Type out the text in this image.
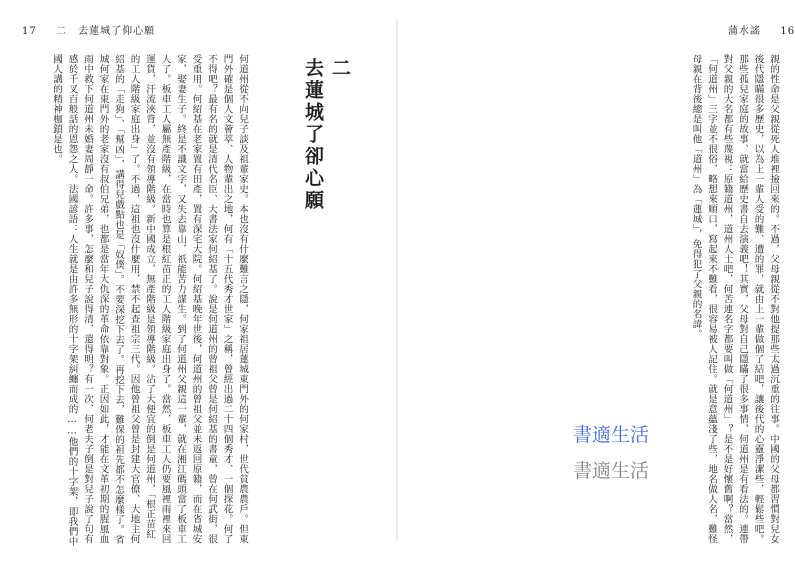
17 　 二　去蓮城了仰心願
二
去蓮城了卻心願
何道州從不向兒子談及祖輩家史。本也沒有什麼難言之隱，何家祖居蓮城東門外的何家村，世代貧農農戶。但東門外確是個人文薈萃、人物輩出之地，何有「十五代秀才世家」之稱，曾經出過二十四個秀才、一個探花。何了不得吧？最有名的就是清代名臣、大書法家何紹基了。說是何道州的曾祖父曾是何紹基的書童，曾在何武街，很受重用。何紹基在老家置有田產，置有深宅大院。何紹基晚年世後，何道州的曾祖父並未返回原籍，而在省城安家，娶妻生子。終是不識文字，又失去靠山，祇能苦力謀生。到了何道州父親這一輩，就在湘江碼頭當了板車工人了。板車工人屬無產階級，在當時也算是根紅苗正的工人階級家庭出身了。當然，板車工人仍要風裡雨裡來回運貨，汗流浹背，並沒有領導階級。新中國成立，無產階級是領導階級。沾了大便宜的倒是何道州，「根正苗紅的工人階級家庭出身」了。不過，這祖也沒什麼用，禁不起查祖宗三代。因他曾祖父曾是封建大官僚、大地主何紹基的「走狗」、「幫凶」，講得兒戲點也是「奴僕」。不要深挖下去了。再挖下去，難保的祖先都不怎麼樣了。省城何家在東門外的老家沒有叔伯兄弟，也都是當年大仇深的革命依靠對象。正因如此，才能在文革初期的腥風血雨中救下何道州未婚妻周靜一命。許多事，怎麼和兒子說得清，還得明？有一次，何老夫子倒是對兒子說了句有感於千叉百般話的恩怨之人。法國諺語：人生就是由許多無形的十字架糾纏而成的……他們的十字架，即我們中國人講的精神枷鎖是也。
蒲水謠 　 16
親的性命是父親從死人堆裡撿回來的。不過，父母親從不對他提那些太過沉重的往事。中國的父母都習慣對兒女後代隱瞞很多歷史，以為上一輩人受的難、遭的罪，就由上一輩做個了結吧，讓後代的心靈淨潔些，輕鬆些吧。那些孤兒家庭的故事、就當給歷史書自去演義吧！其實，父母對自己隱瞞了很多事情，何道州是有看法的。連帶對父親的大名都有些蔑視：原籍道州，道州人士吧，何苦連名字都要叫做「何道州」？是不是好懷舊啊？當然，「何道州」三字並不很俗，略想來順口，寫起來不難看，很容易被人記住。就是意蘊淺了些，地名做人名，難怪母親在背後總是叫他「道州」為「蓮城」，免得犯了父親的名諱。
書適生活
書適生活
